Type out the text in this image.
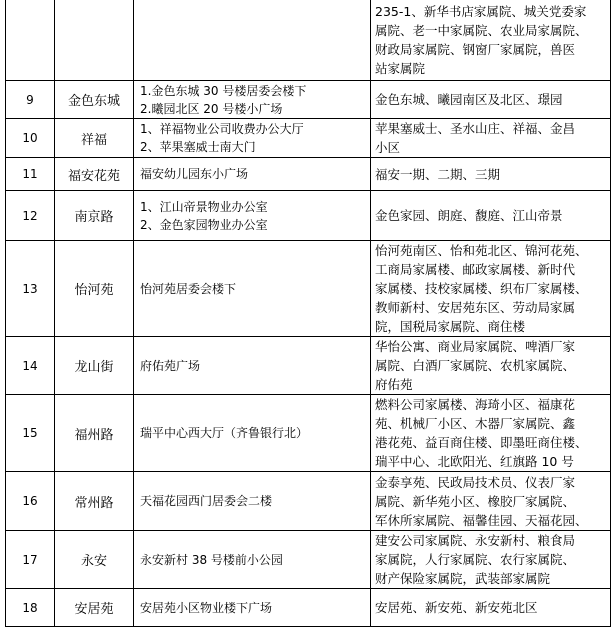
			235-1、新华书店家属院、城关党委家
属院、老一中家属院、农业局家属院、
财政局家属院、钢窗厂家属院，兽医
站家属院

9	金色东城	1.金色东城 30 号楼居委会楼下
2.曦园北区 20 号楼小广场	金色东城、曦园南区及北区、璟园

10	祥福	1、祥福物业公司收费办公大厅
2、苹果塞威士南大门	苹果塞威士、圣水山庄、祥福、金昌
小区

11	福安花苑	福安幼儿园东小广场	福安一期、二期、三期

12	南京路	1、江山帝景物业办公室
2、金色家园物业办公室	金色家园、朗庭、馥庭、江山帝景

13	怡河苑	怡河苑居委会楼下	怡河苑南区、怡和苑北区、锦河花苑、
工商局家属楼、邮政家属楼、新时代
家属楼、技校家属楼、织布厂家属楼、
教师新村、安居苑东区、劳动局家属
院，国税局家属院、商住楼

14	龙山街	府佑苑广场	华怡公寓、商业局家属院、啤酒厂家
属院、白酒厂家属院、农机家属院、
府佑苑

15	福州路	瑞平中心西大厅（齐鲁银行北）	燃料公司家属楼、海琦小区、福康花
苑、机械厂小区、木器厂家属院、鑫
港花苑、益百商住楼、即墨旺商住楼、
瑞平中心、北欧阳光、红旗路 10 号

16	常州路	天福花园西门居委会二楼	金泰享苑、民政局技术员、仪表厂家
属院、新华苑小区、橡胶厂家属院、
军休所家属院、福馨佳园、天福花园、

17	永安	永安新村 38 号楼前小公园	建安公司家属院、永安新村、粮食局
家属院，人行家属院、农行家属院、
财产保险家属院，武装部家属院

18	安居苑	安居苑小区物业楼下广场	安居苑、新安苑、新安苑北区
